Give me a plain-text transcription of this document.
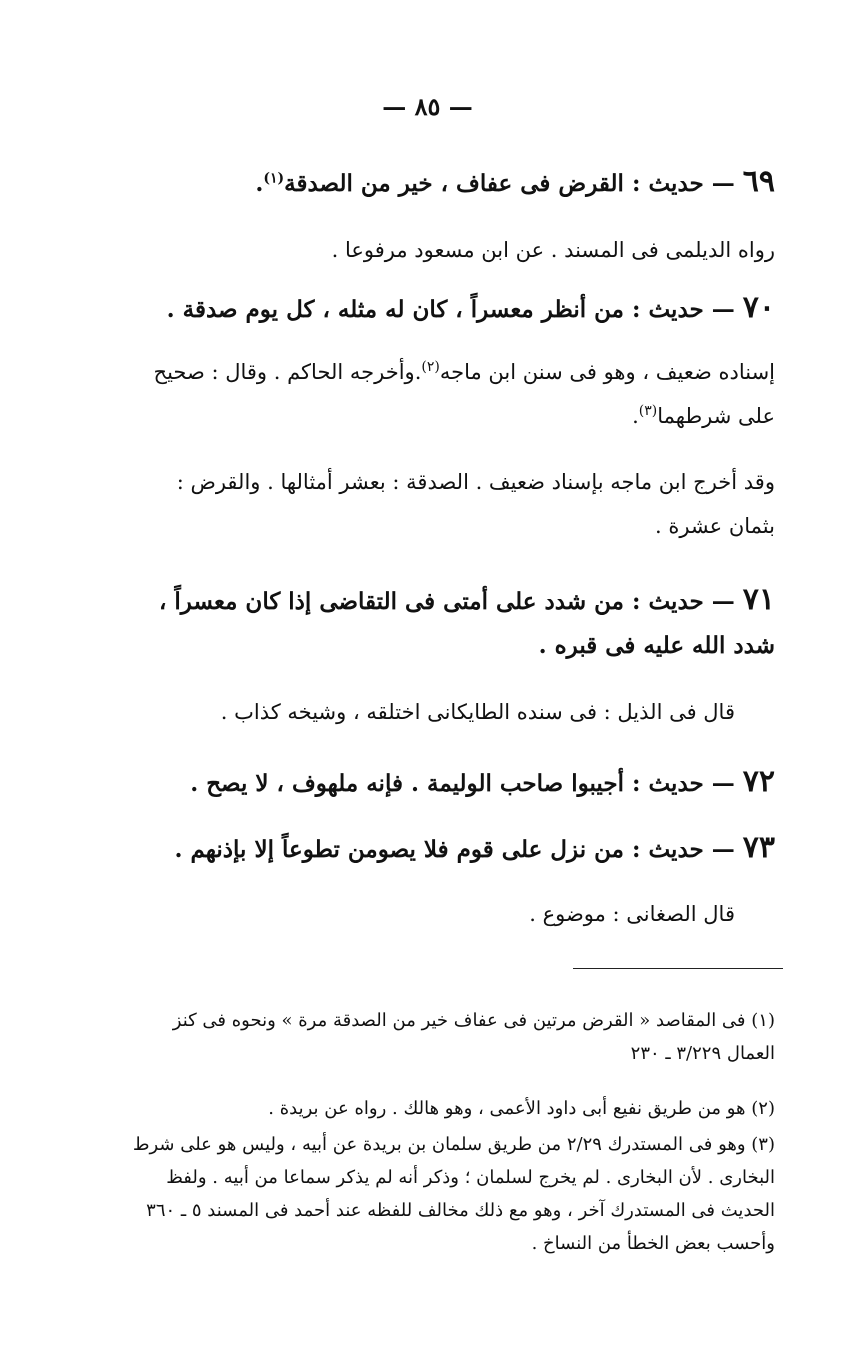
— ٨٥ —
٦٩ — حديث : القرض فى عفاف ، خير من الصدقة$^{(١)}$.
رواه الديلمى فى المسند . عن ابن مسعود مرفوعا .
٧٠ — حديث : من أنظر معسراً ، كان له مثله ، كل يوم صدقة .
إسناده ضعيف ، وهو فى سنن ابن ماجه$^{(٢)}$.وأخرجه الحاكم . وقال : صحيح على شرطهما$^{(٣)}$.
وقد أخرج ابن ماجه بإسناد ضعيف . الصدقة : بعشر أمثالها . والقرض : بثمان عشرة .
٧١ — حديث : من شدد على أمتى فى التقاضى إذا كان معسراً ، شدد الله عليه فى قبره .
قال فى الذيل : فى سنده الطايكانى اختلقه ، وشيخه كذاب .
٧٢ — حديث : أجيبوا صاحب الوليمة . فإنه ملهوف ، لا يصح .
٧٣ — حديث : من نزل على قوم فلا يصومن تطوعاً إلا بإذنهم .
قال الصغانى : موضوع .
(١) فى المقاصد « القرض مرتين فى عفاف خير من الصدقة مرة » ونحوه فى كنز العمال ٣/٢٢٩ ـ ٢٣٠
(٢) هو من طريق نفيع أبى داود الأعمى ، وهو هالك . رواه عن بريدة .
(٣) وهو فى المستدرك ٢/٢٩ من طريق سلمان بن بريدة عن أبيه ، وليس هو على شرط البخارى . لأن البخارى . لم يخرج لسلمان ؛ وذكر أنه لم يذكر سماعا من أبيه . ولفظ الحديث فى المستدرك آخر ، وهو مع ذلك مخالف للفظه عند أحمد فى المسند ٥ ـ ٣٦٠ وأحسب بعض الخطأ من النساخ .
